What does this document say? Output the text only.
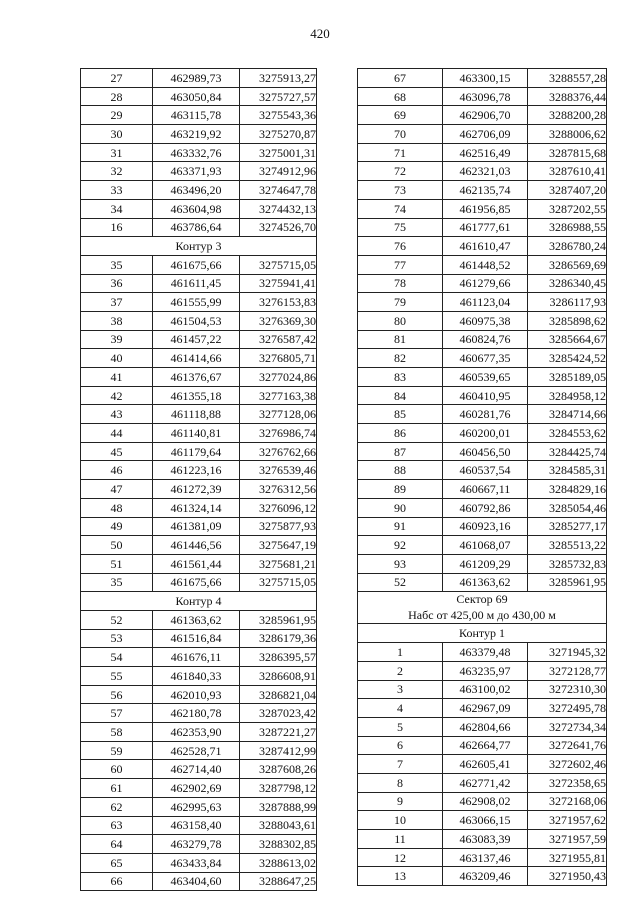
420
27	462989,73	3275913,27
28	463050,84	3275727,57
29	463115,78	3275543,36
30	463219,92	3275270,87
31	463332,76	3275001,31
32	463371,93	3274912,96
33	463496,20	3274647,78
34	463604,98	3274432,13
16	463786,64	3274526,70
Контур 3		
35	461675,66	3275715,05
36	461611,45	3275941,41
37	461555,99	3276153,83
38	461504,53	3276369,30
39	461457,22	3276587,42
40	461414,66	3276805,71
41	461376,67	3277024,86
42	461355,18	3277163,38
43	461118,88	3277128,06
44	461140,81	3276986,74
45	461179,64	3276762,66
46	461223,16	3276539,46
47	461272,39	3276312,56
48	461324,14	3276096,12
49	461381,09	3275877,93
50	461446,56	3275647,19
51	461561,44	3275681,21
35	461675,66	3275715,05
Контур 4		
52	461363,62	3285961,95
53	461516,84	3286179,36
54	461676,11	3286395,57
55	461840,33	3286608,91
56	462010,93	3286821,04
57	462180,78	3287023,42
58	462353,90	3287221,27
59	462528,71	3287412,99
60	462714,40	3287608,26
61	462902,69	3287798,12
62	462995,63	3287888,99
63	463158,40	3288043,61
64	463279,78	3288302,85
65	463433,84	3288613,02
66	463404,60	3288647,25
67	463300,15	3288557,28
68	463096,78	3288376,44
69	462906,70	3288200,28
70	462706,09	3288006,62
71	462516,49	3287815,68
72	462321,03	3287610,41
73	462135,74	3287407,20
74	461956,85	3287202,55
75	461777,61	3286988,55
76	461610,47	3286780,24
77	461448,52	3286569,69
78	461279,66	3286340,45
79	461123,04	3286117,93
80	460975,38	3285898,62
81	460824,76	3285664,67
82	460677,35	3285424,52
83	460539,65	3285189,05
84	460410,95	3284958,12
85	460281,76	3284714,66
86	460200,01	3284553,62
87	460456,50	3284425,74
88	460537,54	3284585,31
89	460667,11	3284829,16
90	460792,86	3285054,46
91	460923,16	3285277,17
92	461068,07	3285513,22
93	461209,29	3285732,83
52	461363,62	3285961,95

Сектор 69
Набс от 425,00 м до 430,00 м		

Контур 1		
1	463379,48	3271945,32
2	463235,97	3272128,77
3	463100,02	3272310,30
4	462967,09	3272495,78
5	462804,66	3272734,34
6	462664,77	3272641,76
7	462605,41	3272602,46
8	462771,42	3272358,65
9	462908,02	3272168,06
10	463066,15	3271957,62
11	463083,39	3271957,59
12	463137,46	3271955,81
13	463209,46	3271950,43
